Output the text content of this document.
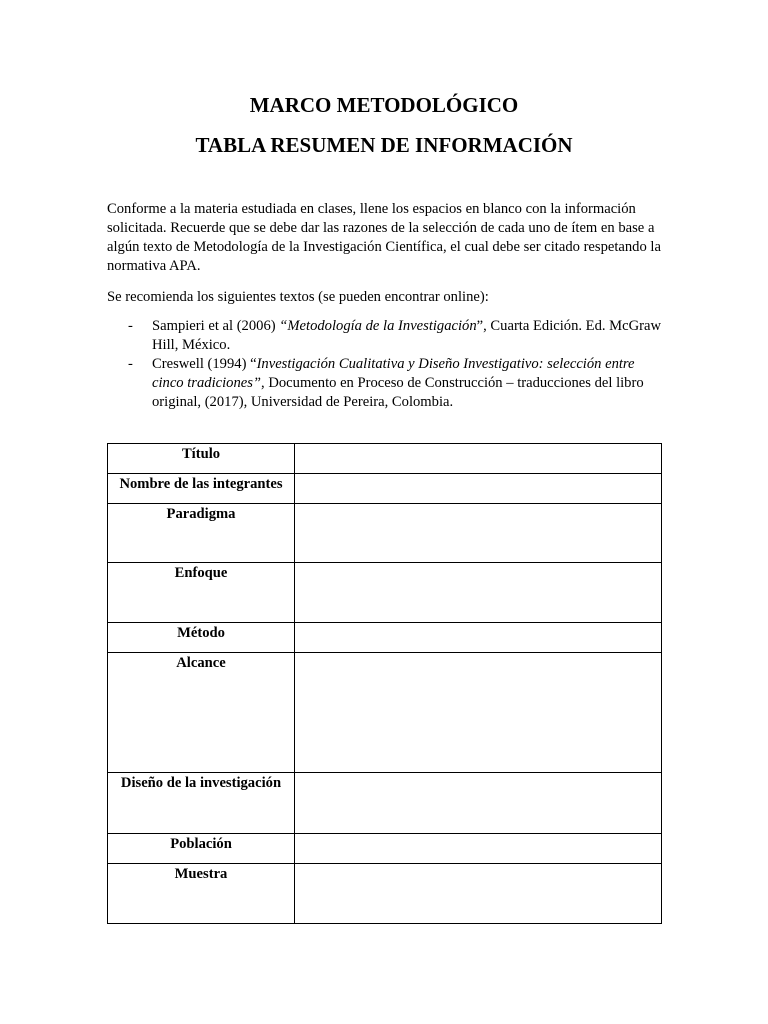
MARCO METODOLÓGICO
TABLA RESUMEN DE INFORMACIÓN

Conforme a la materia estudiada en clases, llene los espacios en blanco con la información solicitada. Recuerde que se debe dar las razones de la selección de cada uno de ítem en base a algún texto de Metodología de la Investigación Científica, el cual debe ser citado respetando la normativa APA.

Se recomienda los siguientes textos (se pueden encontrar online):

- Sampieri et al (2006) “Metodología de la Investigación”, Cuarta Edición. Ed. McGraw Hill, México.
- Creswell (1994) “Investigación Cualitativa y Diseño Investigativo: selección entre cinco tradiciones”, Documento en Proceso de Construcción – traducciones del libro original, (2017), Universidad de Pereira, Colombia.
Título	
Nombre de las integrantes	
Paradigma	
Enfoque	
Método	
Alcance	
Diseño de la investigación	
Población	
Muestra	
